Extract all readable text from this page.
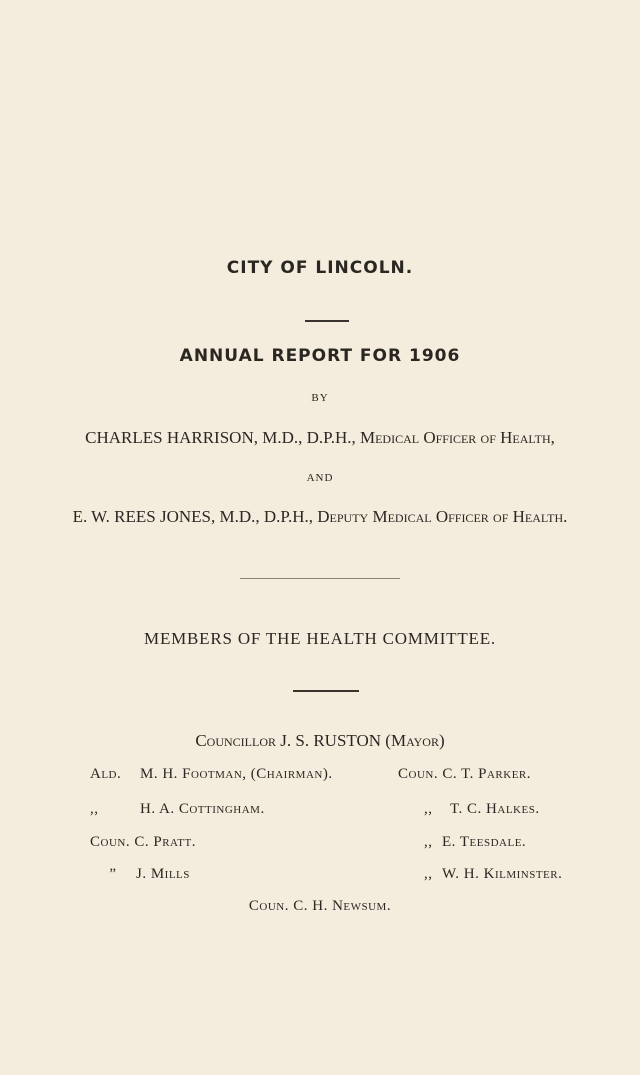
CITY OF LINCOLN.
ANNUAL REPORT FOR 1906
BY
CHARLES HARRISON, M.D., D.P.H., Medical Officer of Health,
AND
E. W. REES JONES, M.D., D.P.H., Deputy Medical Officer of Health.
MEMBERS OF THE HEALTH COMMITTEE.
Councillor J. S. RUSTON (Mayor)
Ald. M. H. Footman, (Chairman).
,,	H. A. Cottingham.
Coun. C. Pratt.
” J. Mills
Coun. C. T. Parker.
,, T. C. Halkes.
,, E. Teesdale.
,, W. H. Kilminster.
Coun. C. H. Newsum.
